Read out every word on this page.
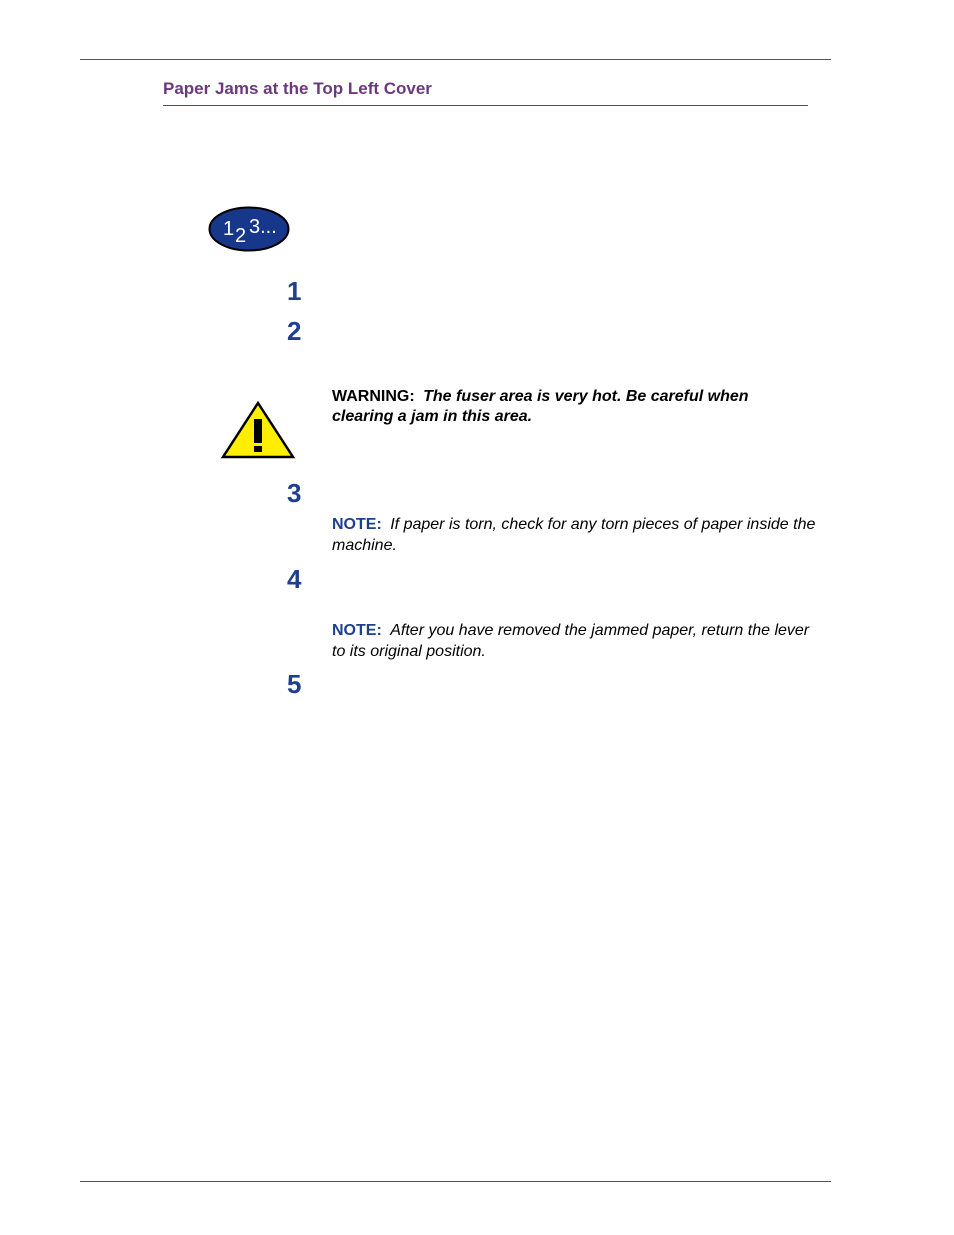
Paper Jams at the Top Left Cover
1 2 3...
1
2
WARNING: The fuser area is very hot. Be careful when clearing a jam in this area.
3
NOTE: If paper is torn, check for any torn pieces of paper inside the machine.
4
NOTE: After you have removed the jammed paper, return the lever to its original position.
5
